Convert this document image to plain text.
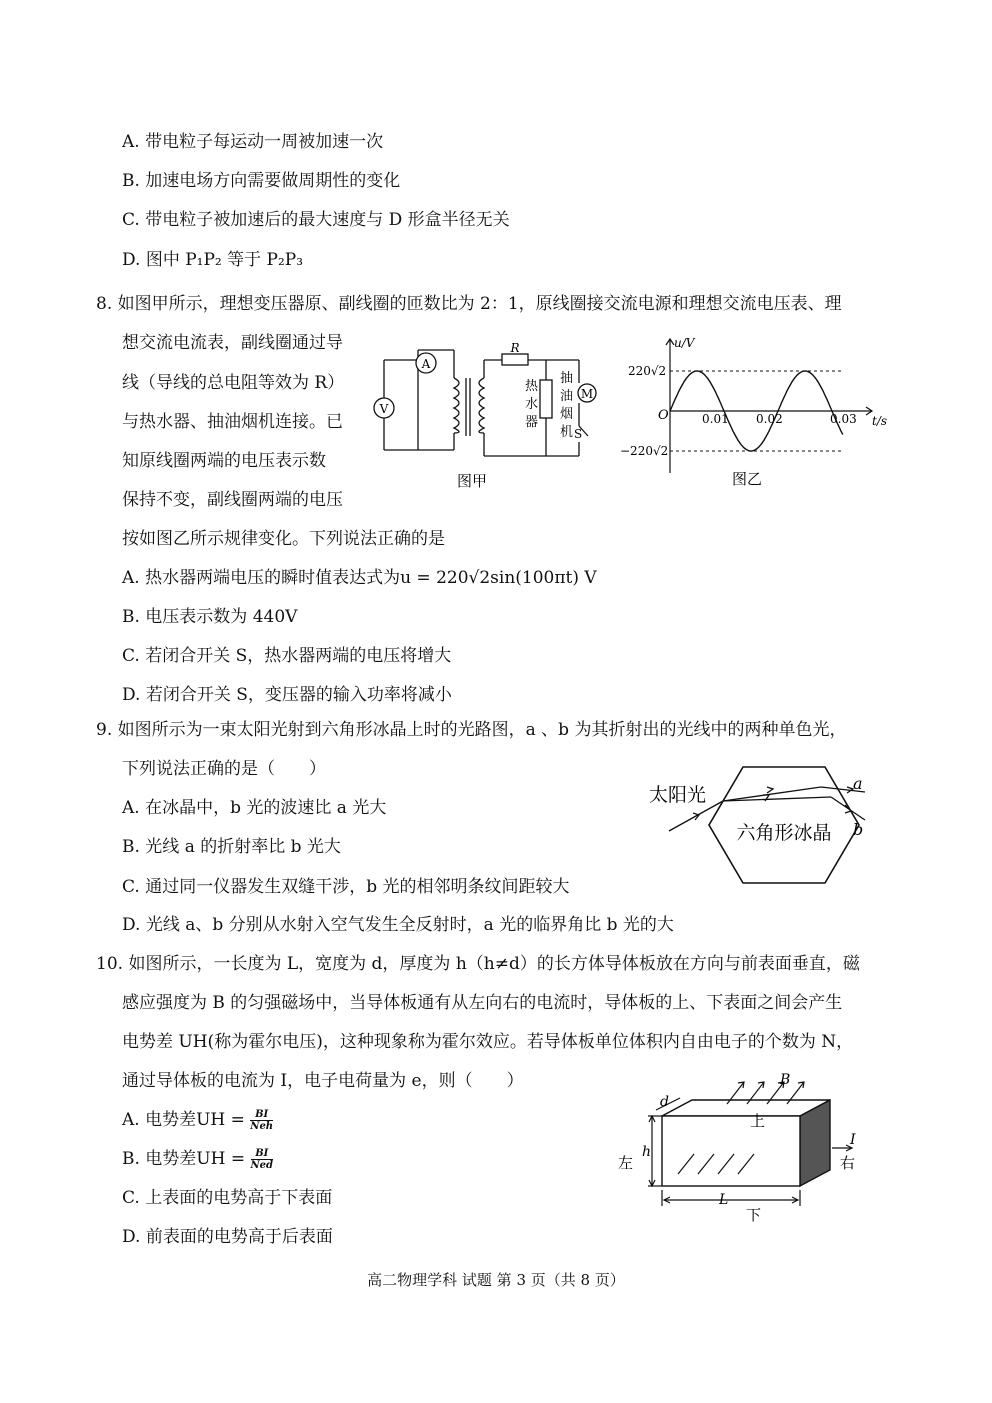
A. 带电粒子每运动一周被加速一次
B. 加速电场方向需要做周期性的变化
C. 带电粒子被加速后的最大速度与 D 形盒半径无关
D. 图中 P₁P₂ 等于 P₂P₃
8. 如图甲所示，理想变压器原、副线圈的匝数比为 2：1，原线圈接交流电源和理想交流电压表、理
想交流电流表，副线圈通过导
线（导线的总电阻等效为 R）
与热水器、抽油烟机连接。已
知原线圈两端的电压表示数
保持不变，副线圈两端的电压
按如图乙所示规律变化。下列说法正确的是
A
V
R
热
水
器
抽
油
烟
机
M
S
图甲
u/V
t/s
O
220√2
−220√2
0.01 0.02	0.03
图乙
A. 热水器两端电压的瞬时值表达式为u = 220√2sin(100πt) V
B. 电压表示数为 440V
C. 若闭合开关 S，热水器两端的电压将增大
D. 若闭合开关 S，变压器的输入功率将减小
9. 如图所示为一束太阳光射到六角形冰晶上时的光路图，a 、b 为其折射出的光线中的两种单色光，
下列说法正确的是（　　）
A. 在冰晶中，b 光的波速比 a 光大
B. 光线 a 的折射率比 b 光大
C. 通过同一仪器发生双缝干涉，b 光的相邻明条纹间距较大
D. 光线 a、b 分别从水射入空气发生全反射时，a 光的临界角比 b 光的大
太阳光
六角形冰晶
a
b
10. 如图所示，一长度为 L，宽度为 d，厚度为 h（h≠d）的长方体导体板放在方向与前表面垂直，磁
感应强度为 B 的匀强磁场中，当导体板通有从左向右的电流时，导体板的上、下表面之间会产生
电势差 UH(称为霍尔电压)，这种现象称为霍尔效应。若导体板单位体积内自由电子的个数为 N，
通过导体板的电流为 I，电子电荷量为 e，则（　　）
A. 电势差UH = $\frac{BI}{\text{Neh}}$
B. 电势差UH = $\frac{BI}{\text{Ned}}$
C. 上表面的电势高于下表面
D. 前表面的电势高于后表面
B
d
h
左	右
I
上
L
下
高二物理学科 试题 第 3 页（共 8 页）
